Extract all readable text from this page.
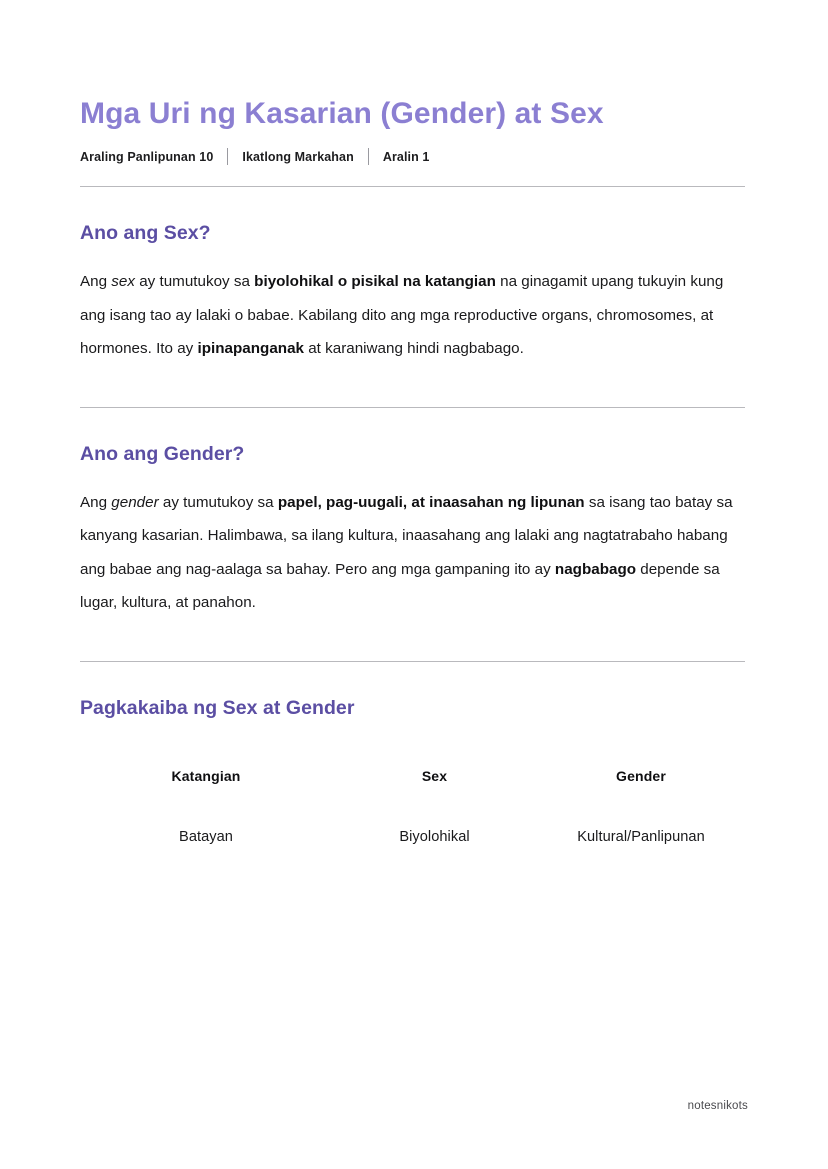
Mga Uri ng Kasarian (Gender) at Sex
Araling Panlipunan 10 Ikatlong Markahan Aralin 1
Ano ang Sex?

Ang sex ay tumutukoy sa biyolohikal o pisikal na katangian na ginagamit upang tukuyin kung ang isang tao ay lalaki o babae. Kabilang dito ang mga reproductive organs, chromosomes, at hormones. Ito ay ipinapanganak at karaniwang hindi nagbabago.

Ano ang Gender?

Ang gender ay tumutukoy sa papel, pag-uugali, at inaasahan ng lipunan sa isang tao batay sa kanyang kasarian. Halimbawa, sa ilang kultura, inaasahang ang lalaki ang nagtatrabaho habang ang babae ang nag-aalaga sa bahay. Pero ang mga gampaning ito ay nagbabago depende sa lugar, kultura, at panahon.

Pagkakaiba ng Sex at Gender
Katangian	Sex	Gender
Batayan	Biyolohikal	Kultural/Panlipunan
notesnikots
